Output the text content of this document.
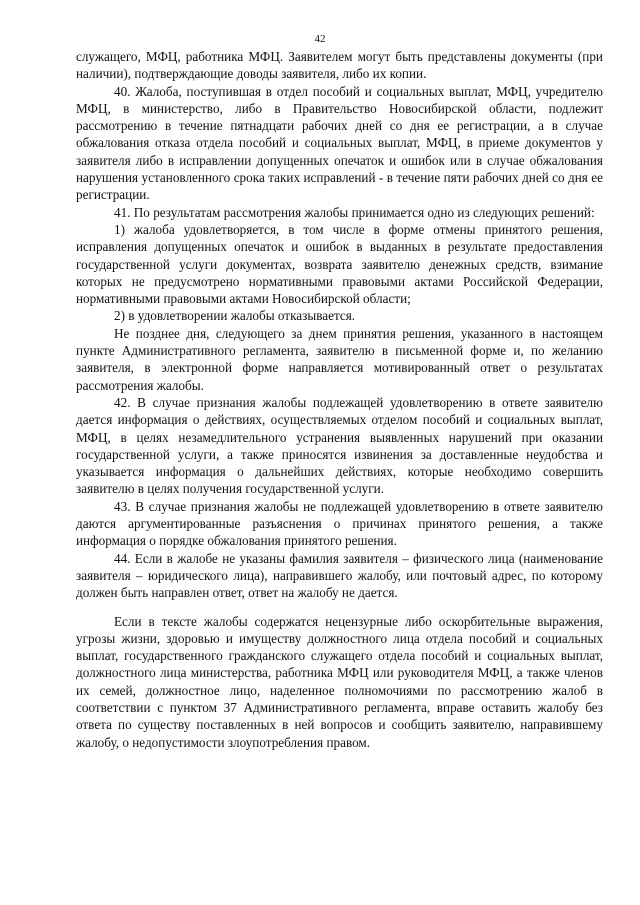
42

служащего, МФЦ, работника МФЦ. Заявителем могут быть представлены документы (при наличии), подтверждающие доводы заявителя, либо их копии.

40. Жалоба, поступившая в отдел пособий и социальных выплат, МФЦ, учредителю МФЦ, в министерство, либо в Правительство Новосибирской области, подлежит рассмотрению в течение пятнадцати рабочих дней со дня ее регистрации, а в случае обжалования отказа отдела пособий и социальных выплат, МФЦ, в приеме документов у заявителя либо в исправлении допущенных опечаток и ошибок или в случае обжалования нарушения установленного срока таких исправлений - в течение пяти рабочих дней со дня ее регистрации.

41. По результатам рассмотрения жалобы принимается одно из следующих решений:

1) жалоба удовлетворяется, в том числе в форме отмены принятого решения, исправления допущенных опечаток и ошибок в выданных в результате предоставления государственной услуги документах, возврата заявителю денежных средств, взимание которых не предусмотрено нормативными правовыми актами Российской Федерации, нормативными правовыми актами Новосибирской области;

2) в удовлетворении жалобы отказывается.

Не позднее дня, следующего за днем принятия решения, указанного в настоящем пункте Административного регламента, заявителю в письменной форме и, по желанию заявителя, в электронной форме направляется мотивированный ответ о результатах рассмотрения жалобы.

42. В случае признания жалобы подлежащей удовлетворению в ответе заявителю дается информация о действиях, осуществляемых отделом пособий и социальных выплат, МФЦ, в целях незамедлительного устранения выявленных нарушений при оказании государственной услуги, а также приносятся извинения за доставленные неудобства и указывается информация о дальнейших действиях, которые необходимо совершить заявителю в целях получения государственной услуги.

43. В случае признания жалобы не подлежащей удовлетворению в ответе заявителю даются аргументированные разъяснения о причинах принятого решения, а также информация о порядке обжалования принятого решения.

44. Если в жалобе не указаны фамилия заявителя – физического лица (наименование заявителя – юридического лица), направившего жалобу, или почтовый адрес, по которому должен быть направлен ответ, ответ на жалобу не дается.

Если в тексте жалобы содержатся нецензурные либо оскорбительные выражения, угрозы жизни, здоровью и имуществу должностного лица отдела пособий и социальных выплат, государственного гражданского служащего отдела пособий и социальных выплат, должностного лица министерства, работника МФЦ или руководителя МФЦ, а также членов их семей, должностное лицо, наделенное полномочиями по рассмотрению жалоб в соответствии с пунктом 37 Административного регламента, вправе оставить жалобу без ответа по существу поставленных в ней вопросов и сообщить заявителю, направившему жалобу, о недопустимости злоупотребления правом.
